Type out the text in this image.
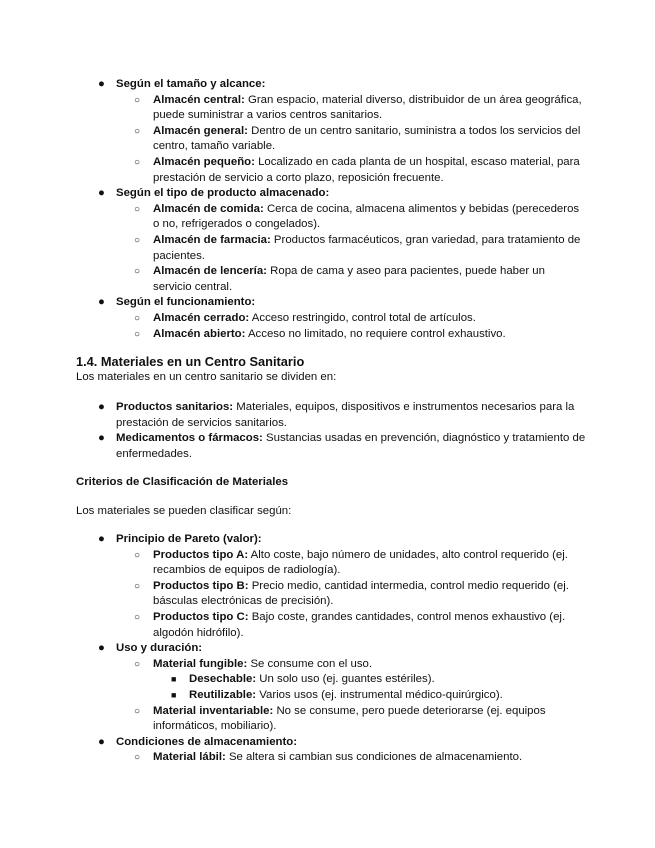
● Según el tamaño y alcance:
○ Almacén central: Gran espacio, material diverso, distribuidor de un área geográfica, puede suministrar a varios centros sanitarios.
○ Almacén general: Dentro de un centro sanitario, suministra a todos los servicios del centro, tamaño variable.
○ Almacén pequeño: Localizado en cada planta de un hospital, escaso material, para prestación de servicio a corto plazo, reposición frecuente.
● Según el tipo de producto almacenado:
○ Almacén de comida: Cerca de cocina, almacena alimentos y bebidas (perecederos o no, refrigerados o congelados).
○ Almacén de farmacia: Productos farmacéuticos, gran variedad, para tratamiento de pacientes.
○ Almacén de lencería: Ropa de cama y aseo para pacientes, puede haber un servicio central.
● Según el funcionamiento:
○ Almacén cerrado: Acceso restringido, control total de artículos.
○ Almacén abierto: Acceso no limitado, no requiere control exhaustivo.

1.4. Materiales en un Centro Sanitario

Los materiales en un centro sanitario se dividen en:

● Productos sanitarios: Materiales, equipos, dispositivos e instrumentos necesarios para la prestación de servicios sanitarios.
● Medicamentos o fármacos: Sustancias usadas en prevención, diagnóstico y tratamiento de enfermedades.

Criterios de Clasificación de Materiales

Los materiales se pueden clasificar según:

● Principio de Pareto (valor):
○ Productos tipo A: Alto coste, bajo número de unidades, alto control requerido (ej. recambios de equipos de radiología).
○ Productos tipo B: Precio medio, cantidad intermedia, control medio requerido (ej. básculas electrónicas de precisión).
○ Productos tipo C: Bajo coste, grandes cantidades, control menos exhaustivo (ej. algodón hidrófilo).
● Uso y duración:
○ Material fungible: Se consume con el uso.
■ Desechable: Un solo uso (ej. guantes estériles).
■ Reutilizable: Varios usos (ej. instrumental médico-quirúrgico).
○ Material inventariable: No se consume, pero puede deteriorarse (ej. equipos informáticos, mobiliario).
● Condiciones de almacenamiento:
○ Material lábil: Se altera si cambian sus condiciones de almacenamiento.
